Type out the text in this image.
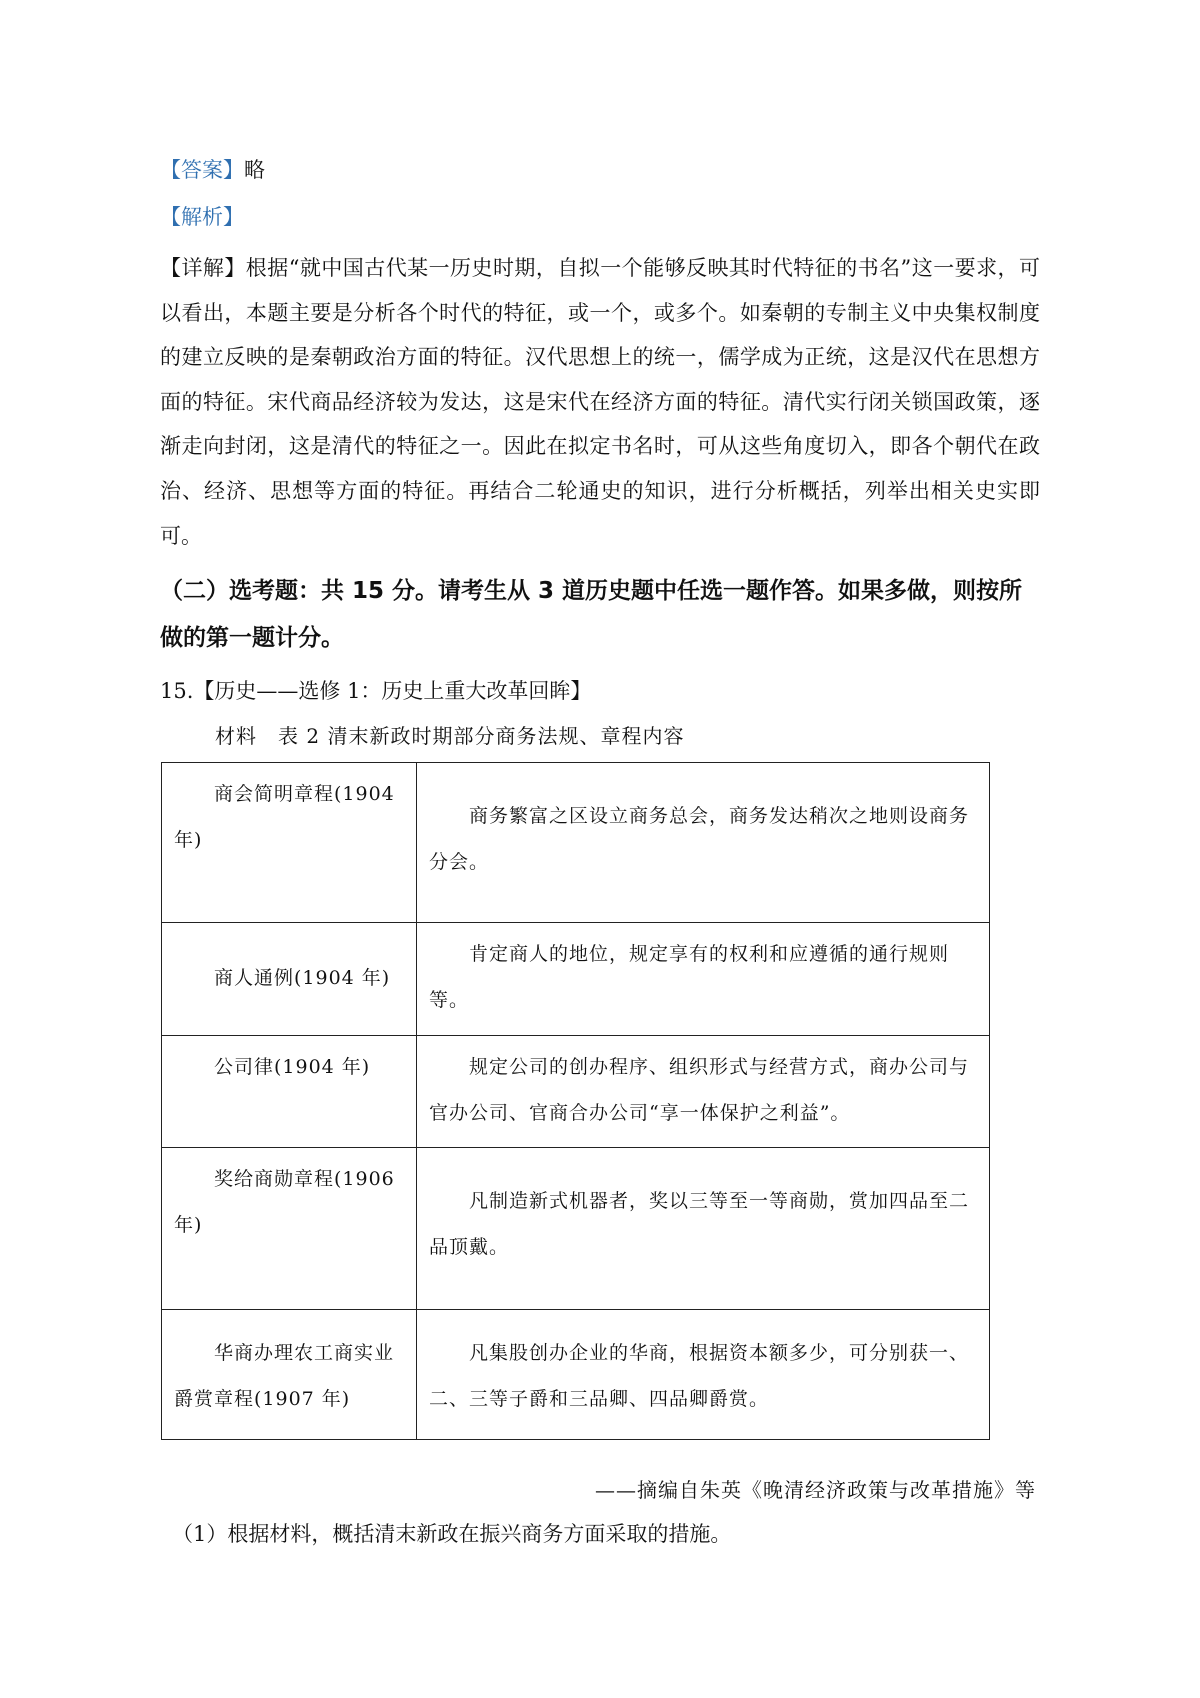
【答案】略
【解析】
【详解】根据“就中国古代某一历史时期，自拟一个能够反映其时代特征的书名”这一要求，可以看出，本题主要是分析各个时代的特征，或一个，或多个。如秦朝的专制主义中央集权制度的建立反映的是秦朝政治方面的特征。汉代思想上的统一，儒学成为正统，这是汉代在思想方面的特征。宋代商品经济较为发达，这是宋代在经济方面的特征。清代实行闭关锁国政策，逐渐走向封闭，这是清代的特征之一。因此在拟定书名时，可从这些角度切入，即各个朝代在政治、经济、思想等方面的特征。再结合二轮通史的知识，进行分析概括，列举出相关史实即可。
（二）选考题：共 15 分。请考生从 3 道历史题中任选一题作答。如果多做，则按所做的第一题计分。
15.【历史——选修 1：历史上重大改革回眸】
材料　表 2 清末新政时期部分商务法规、章程内容
商会简明章程(1904年)	商务繁富之区设立商务总会，商务发达稍次之地则设商务分会。
商人通例(1904 年)	肯定商人的地位，规定享有的权利和应遵循的通行规则等。
公司律(1904 年)	规定公司的创办程序、组织形式与经营方式，商办公司与官办公司、官商合办公司“享一体保护之利益”。
奖给商勋章程(1906年)	凡制造新式机器者，奖以三等至一等商勋，赏加四品至二品顶戴。
华商办理农工商实业爵赏章程(1907 年)	凡集股创办企业的华商，根据资本额多少，可分别获一、二、三等子爵和三品卿、四品卿爵赏。
——摘编自朱英《晚清经济政策与改革措施》等
（1）根据材料，概括清末新政在振兴商务方面采取的措施。
